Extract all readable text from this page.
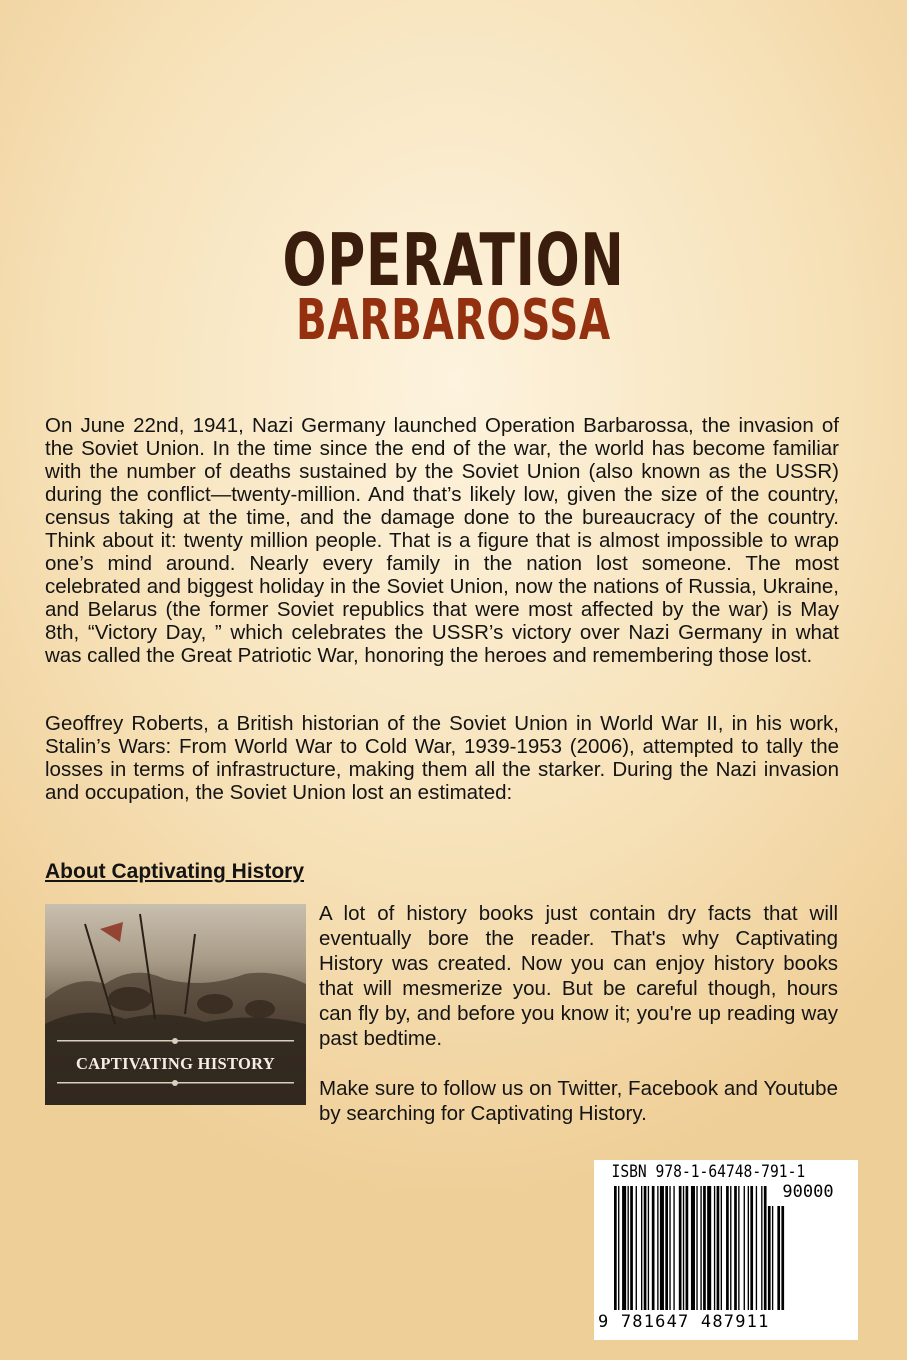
OPERATION
BARBAROSSA

On June 22nd, 1941, Nazi Germany launched Operation Barbarossa, the invasion of the Soviet Union. In the time since the end of the war, the world has become familiar with the number of deaths sustained by the Soviet Union (also known as the USSR) during the conflict—twenty-million. And that’s likely low, given the size of the country, census taking at the time, and the damage done to the bureaucracy of the country. Think about it: twenty million people. That is a figure that is almost impossible to wrap one’s mind around. Nearly every family in the nation lost someone. The most celebrated and biggest holiday in the Soviet Union, now the nations of Russia, Ukraine, and Belarus (the former Soviet republics that were most affected by the war) is May 8th, “Victory Day, ” which celebrates the USSR’s victory over Nazi Germany in what was called the Great Patriotic War, honoring the heroes and remembering those lost.

Geoffrey Roberts, a British historian of the Soviet Union in World War II, in his work, Stalin’s Wars: From World War to Cold War, 1939-1953 (2006), attempted to tally the losses in terms of infrastructure, making them all the starker. During the Nazi invasion and occupation, the Soviet Union lost an estimated:

About Captivating History

CAPTIVATING HISTORY

A lot of history books just contain dry facts that will eventually bore the reader. That's why Captivating History was created. Now you can enjoy history books that will mesmerize you. But be careful though, hours can fly by, and before you know it; you're up reading way past bedtime.

Make sure to follow us on Twitter, Facebook and Youtube by searching for Captivating History.

ISBN 978-1-64748-791-1
90000
9 781647 487911
